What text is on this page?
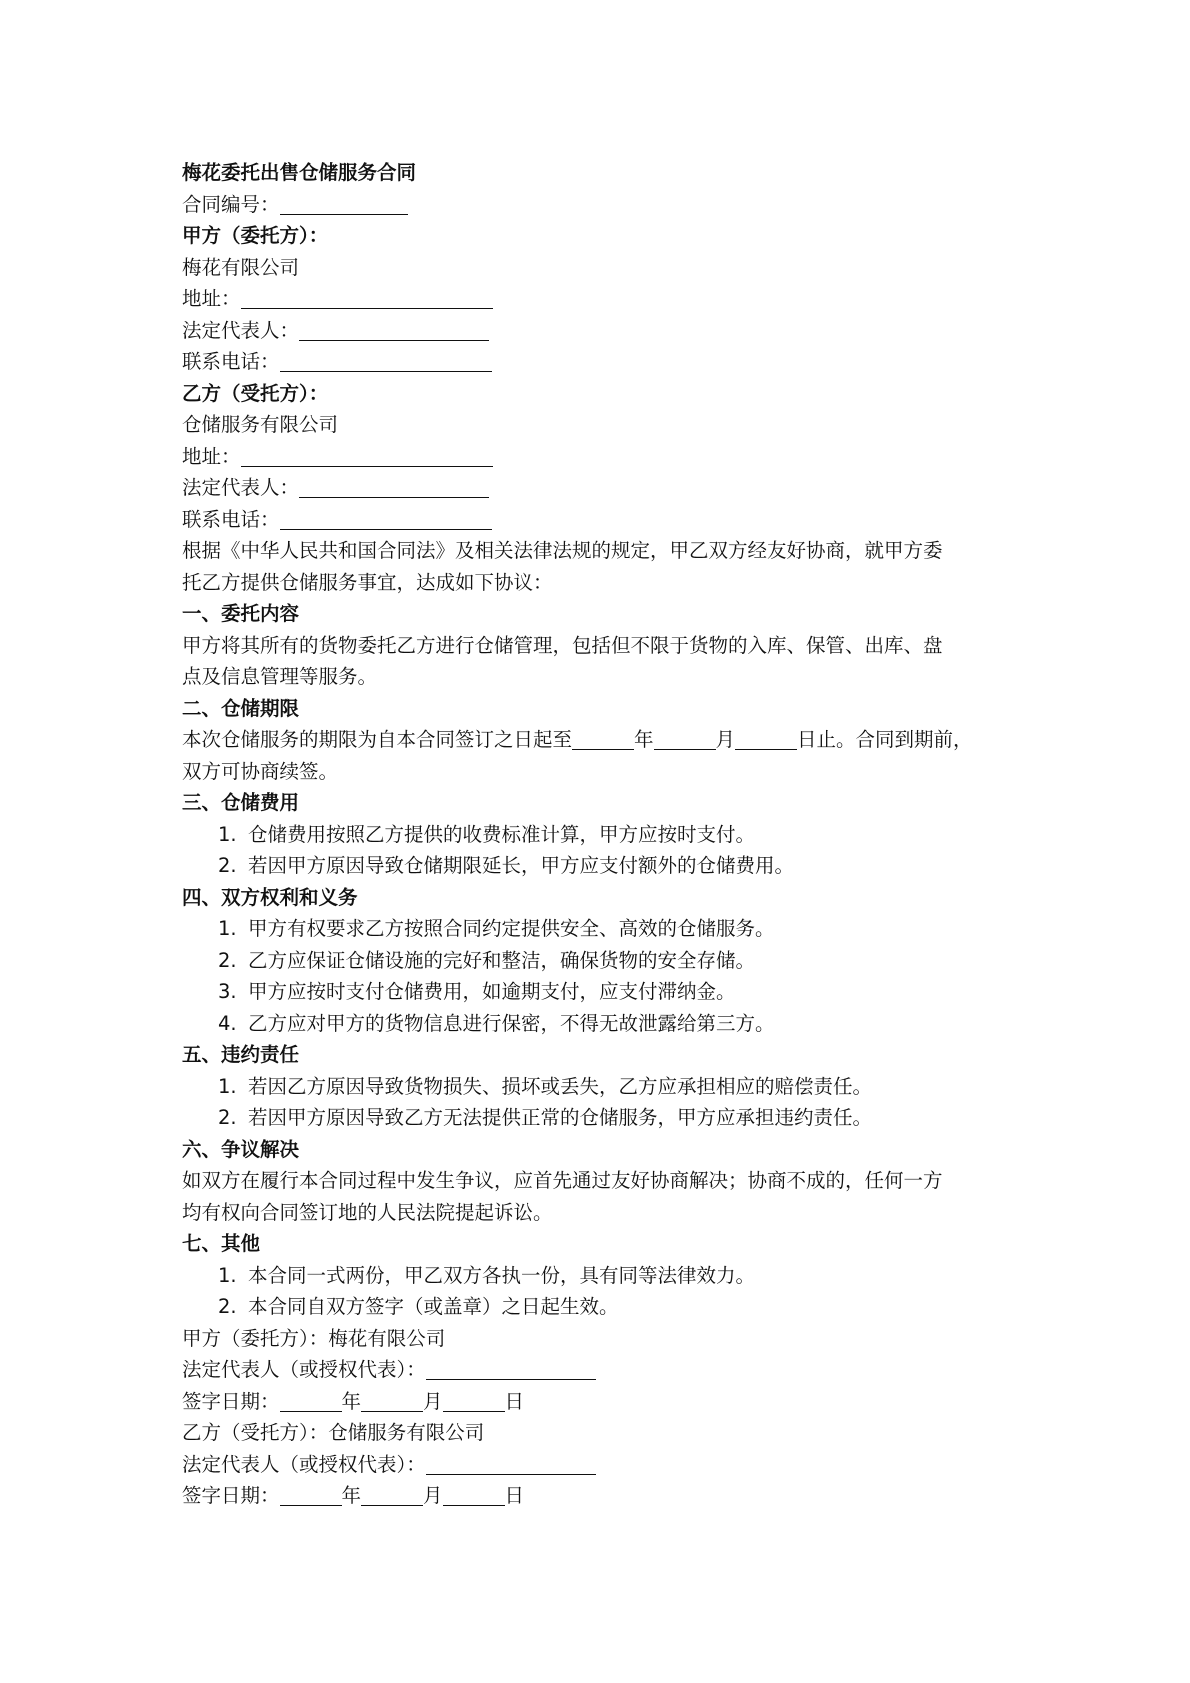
梅花委托出售仓储服务合同
合同编号：
甲方（委托方）：
梅花有限公司
地址：
法定代表人：
联系电话：
乙方（受托方）：
仓储服务有限公司
地址：
法定代表人：
联系电话：
根据《中华人民共和国合同法》及相关法律法规的规定，甲乙双方经友好协商，就甲方委
托乙方提供仓储服务事宜，达成如下协议：
一、委托内容
甲方将其所有的货物委托乙方进行仓储管理，包括但不限于货物的入库、保管、出库、盘
点及信息管理等服务。
二、仓储期限
本次仓储服务的期限为自本合同签订之日起至	年	月	日止。合同到期前，
双方可协商续签。
三、仓储费用
1. 仓储费用按照乙方提供的收费标准计算，甲方应按时支付。
2. 若因甲方原因导致仓储期限延长，甲方应支付额外的仓储费用。
四、双方权利和义务
1. 甲方有权要求乙方按照合同约定提供安全、高效的仓储服务。
2. 乙方应保证仓储设施的完好和整洁，确保货物的安全存储。
3. 甲方应按时支付仓储费用，如逾期支付，应支付滞纳金。
4. 乙方应对甲方的货物信息进行保密，不得无故泄露给第三方。
五、违约责任
1. 若因乙方原因导致货物损失、损坏或丢失，乙方应承担相应的赔偿责任。
2. 若因甲方原因导致乙方无法提供正常的仓储服务，甲方应承担违约责任。
六、争议解决
如双方在履行本合同过程中发生争议，应首先通过友好协商解决；协商不成的，任何一方
均有权向合同签订地的人民法院提起诉讼。
七、其他
1. 本合同一式两份，甲乙双方各执一份，具有同等法律效力。
2. 本合同自双方签字（或盖章）之日起生效。
甲方（委托方）：梅花有限公司
法定代表人（或授权代表）：
签字日期：	年	月	日
乙方（受托方）：仓储服务有限公司
法定代表人（或授权代表）：
签字日期：	年	月	日
